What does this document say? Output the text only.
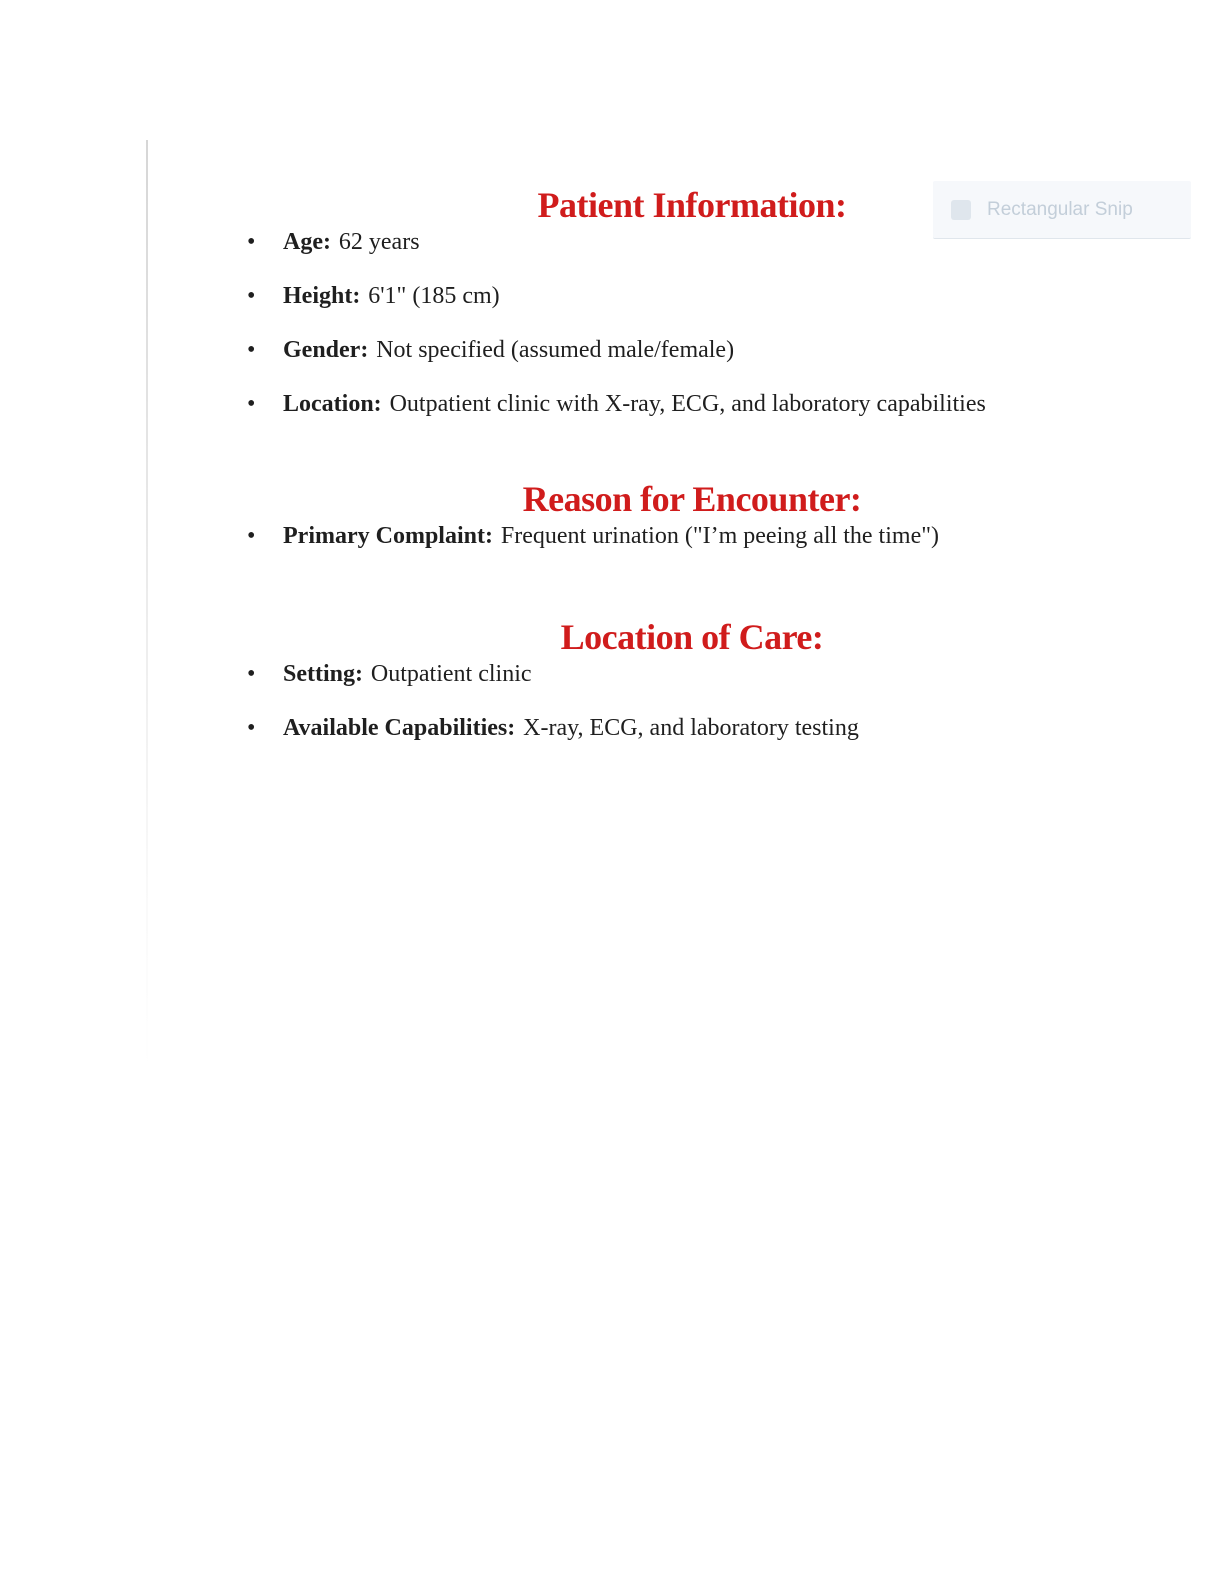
Rectangular Snip
Patient Information:
• Age: 62 years
• Height: 6'1" (185 cm)
• Gender: Not specified (assumed male/female)
• Location: Outpatient clinic with X-ray, ECG, and laboratory capabilities
Reason for Encounter:
• Primary Complaint: Frequent urination ("I’m peeing all the time")
Location of Care:
• Setting: Outpatient clinic
• Available Capabilities: X-ray, ECG, and laboratory testing
